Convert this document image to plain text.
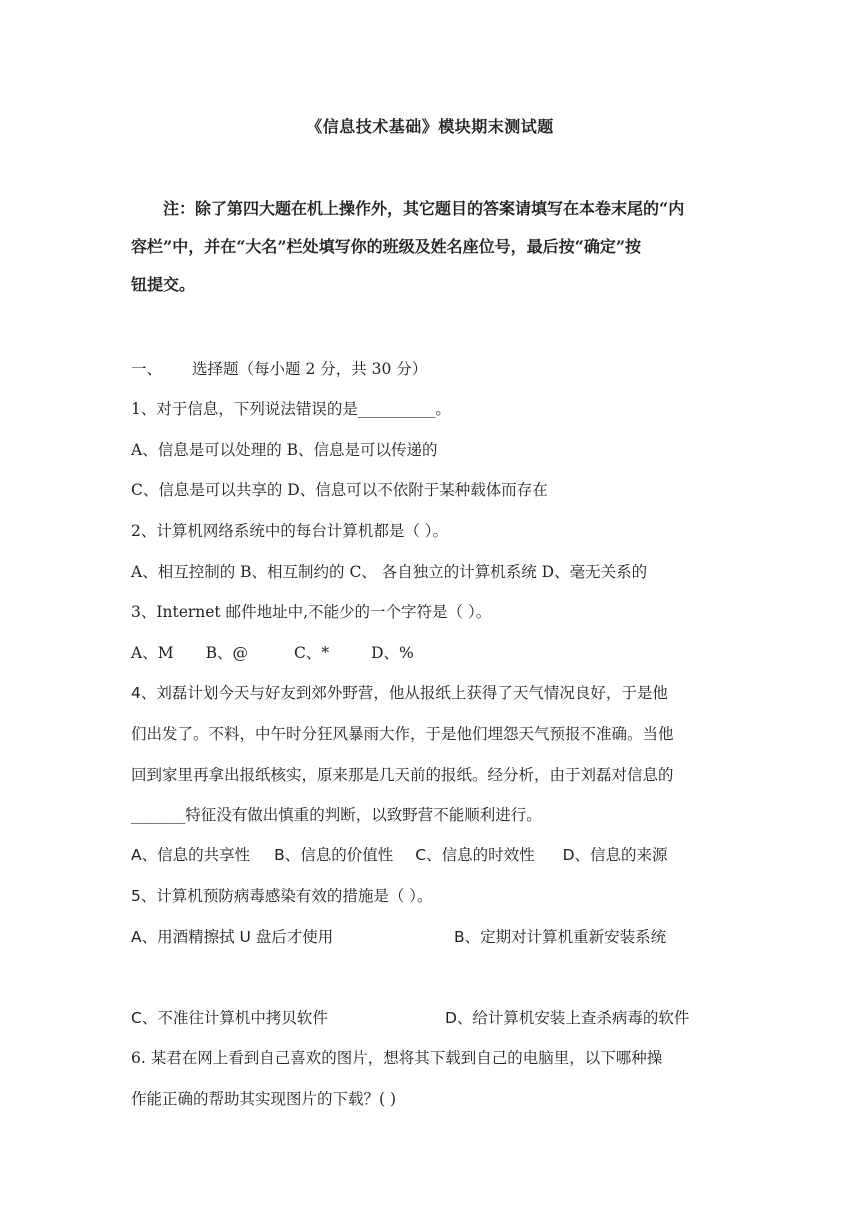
《信息技术基础》模块期末测试题
注：除了第四大题在机上操作外，其它题目的答案请填写在本卷末尾的“内
容栏”中，并在“大名”栏处填写你的班级及姓名座位号，最后按“确定”按
钮提交。
一、 选择题（每小题 2 分，共 30 分）
1、对于信息，下列说法错误的是__________。
A、信息是可以处理的 B、信息是可以传递的
C、信息是可以共享的 D、信息可以不依附于某种载体而存在
2、计算机网络系统中的每台计算机都是（ ）。
A、相互控制的 B、相互制约的 C、 各自独立的计算机系统 D、毫无关系的
3、Internet 邮件地址中,不能少的一个字符是（ ）。
A、M B、@	C、*	D、%
4、刘磊计划今天与好友到郊外野营，他从报纸上获得了天气情况良好，于是他
们出发了。不料，中午时分狂风暴雨大作，于是他们埋怨天气预报不准确。当他
回到家里再拿出报纸核实，原来那是几天前的报纸。经分析，由于刘磊对信息的
_______特征没有做出慎重的判断，以致野营不能顺利进行。
A、信息的共享性 B、信息的价值性 C、信息的时效性 D、信息的来源
5、计算机预防病毒感染有效的措施是（ ）。
A、用酒精擦拭 U 盘后才使用	B、定期对计算机重新安装系统
C、不准往计算机中拷贝软件	D、给计算机安装上查杀病毒的软件
6. 某君在网上看到自己喜欢的图片，想将其下载到自己的电脑里，以下哪种操
作能正确的帮助其实现图片的下载？( )
